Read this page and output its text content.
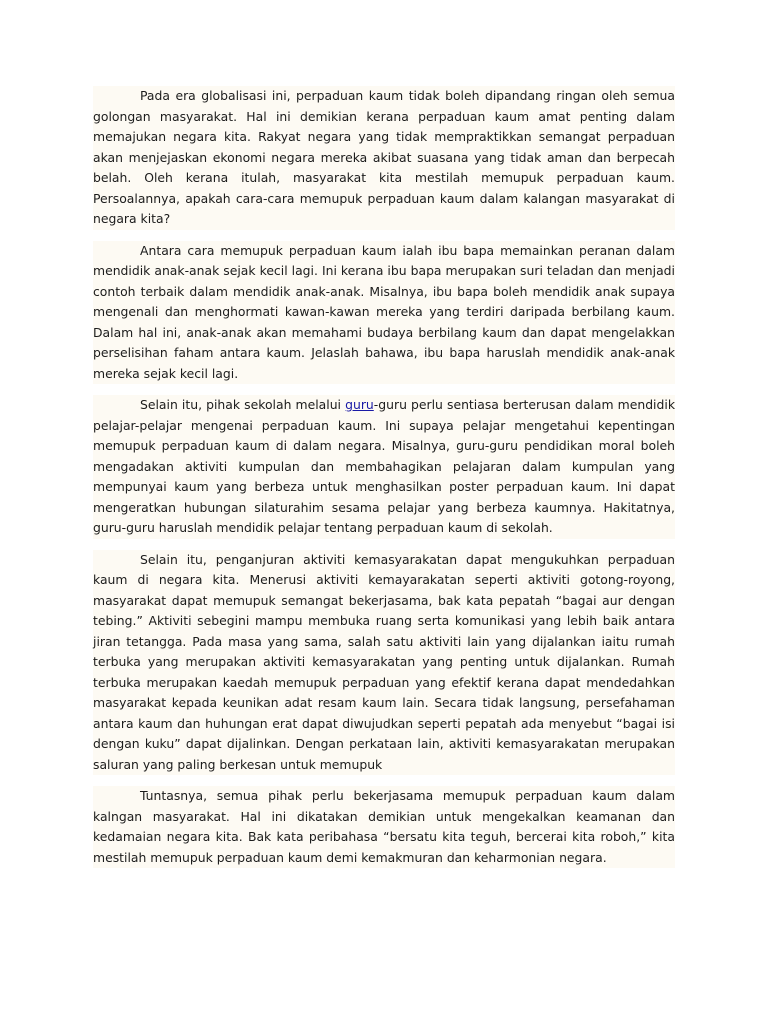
Pada era globalisasi ini, perpaduan kaum tidak boleh dipandang ringan oleh semua golongan masyarakat. Hal ini demikian kerana perpaduan kaum amat penting dalam memajukan negara kita. Rakyat negara yang tidak mempraktikkan semangat perpaduan akan menjejaskan ekonomi negara mereka akibat suasana yang tidak aman dan berpecah belah. Oleh kerana itulah, masyarakat kita mestilah memupuk perpaduan kaum. Persoalannya, apakah cara-cara memupuk perpaduan kaum dalam kalangan masyarakat di negara kita?

Antara cara memupuk perpaduan kaum ialah ibu bapa memainkan peranan dalam mendidik anak-anak sejak kecil lagi. Ini kerana ibu bapa merupakan suri teladan dan menjadi contoh terbaik dalam mendidik anak-anak. Misalnya, ibu bapa boleh mendidik anak supaya mengenali dan menghormati kawan-kawan mereka yang terdiri daripada berbilang kaum. Dalam hal ini, anak-anak akan memahami budaya berbilang kaum dan dapat mengelakkan perselisihan faham antara kaum. Jelaslah bahawa, ibu bapa haruslah mendidik anak-anak mereka sejak kecil lagi.

Selain itu, pihak sekolah melalui guru-guru perlu sentiasa berterusan dalam mendidik pelajar-pelajar mengenai perpaduan kaum. Ini supaya pelajar mengetahui kepentingan memupuk perpaduan kaum di dalam negara. Misalnya, guru-guru pendidikan moral boleh mengadakan aktiviti kumpulan dan membahagikan pelajaran dalam kumpulan yang mempunyai kaum yang berbeza untuk menghasilkan poster perpaduan kaum. Ini dapat mengeratkan hubungan silaturahim sesama pelajar yang berbeza kaumnya. Hakitatnya, guru-guru haruslah mendidik pelajar tentang perpaduan kaum di sekolah.

Selain itu, penganjuran aktiviti kemasyarakatan dapat mengukuhkan perpaduan kaum di negara kita. Menerusi aktiviti kemayarakatan seperti aktiviti gotong-royong, masyarakat dapat memupuk semangat bekerjasama, bak kata pepatah “bagai aur dengan tebing.” Aktiviti sebegini mampu membuka ruang serta komunikasi yang lebih baik antara jiran tetangga. Pada masa yang sama, salah satu aktiviti lain yang dijalankan iaitu rumah terbuka yang merupakan aktiviti kemasyarakatan yang penting untuk dijalankan. Rumah terbuka merupakan kaedah memupuk perpaduan yang efektif kerana dapat mendedahkan masyarakat kepada keunikan adat resam kaum lain. Secara tidak langsung, persefahaman antara kaum dan huhungan erat dapat diwujudkan seperti pepatah ada menyebut “bagai isi dengan kuku” dapat dijalinkan. Dengan perkataan lain, aktiviti kemasyarakatan merupakan saluran yang paling berkesan untuk memupuk

Tuntasnya, semua pihak perlu bekerjasama memupuk perpaduan kaum dalam kalngan masyarakat. Hal ini dikatakan demikian untuk mengekalkan keamanan dan kedamaian negara kita. Bak kata peribahasa “bersatu kita teguh, bercerai kita roboh,” kita mestilah memupuk perpaduan kaum demi kemakmuran dan keharmonian negara.
